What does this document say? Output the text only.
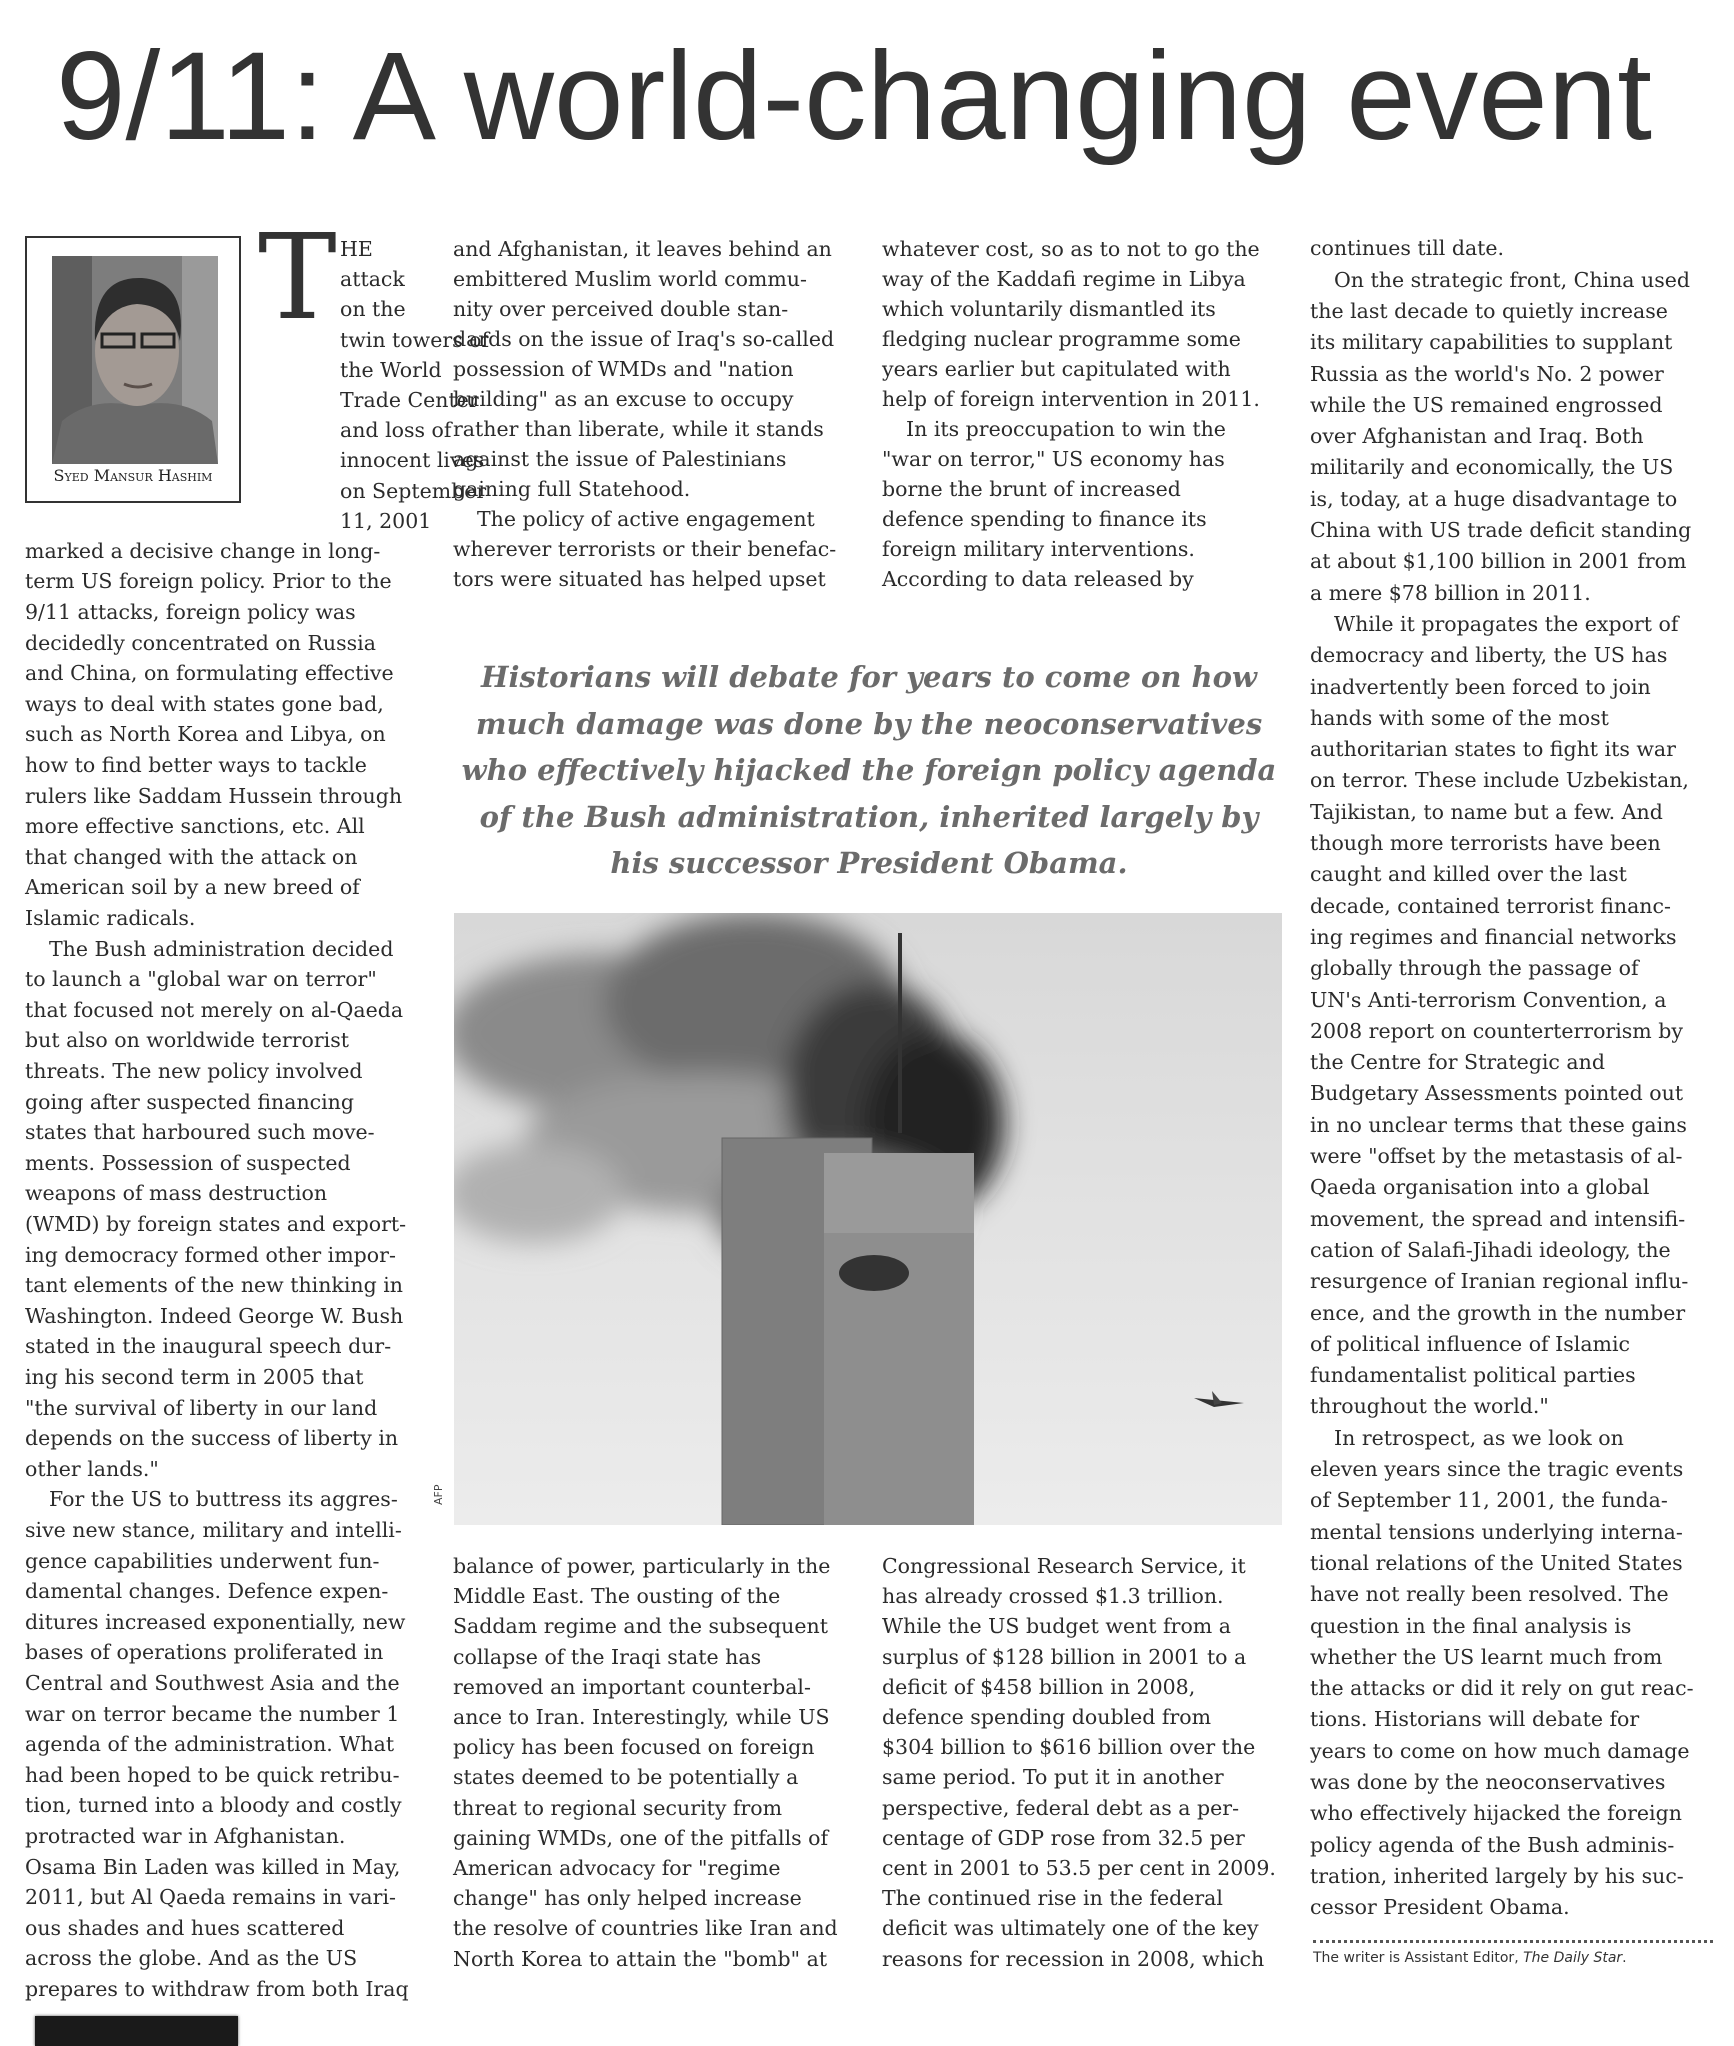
9/11: A world-changing event
Syed Mansur Hashim
T
Historians will debate for years to come on how
much damage was done by the neoconservatives
who effectively hijacked the foreign policy agenda
of the Bush administration, inherited largely by
his successor President Obama.
AFP
The writer is Assistant Editor, The Daily Star.
HE
attack
on the
twin towers of
the World
Trade Center
and loss of
innocent lives
on September
11, 2001
marked a decisive change in long-
term US foreign policy. Prior to the
9/11 attacks, foreign policy was
decidedly concentrated on Russia
and China, on formulating effective
ways to deal with states gone bad,
such as North Korea and Libya, on
how to find better ways to tackle
rulers like Saddam Hussein through
more effective sanctions, etc. All
that changed with the attack on
American soil by a new breed of
Islamic radicals.
The Bush administration decided
to launch a "global war on terror"
that focused not merely on al-Qaeda
but also on worldwide terrorist
threats. The new policy involved
going after suspected financing
states that harboured such move-
ments. Possession of suspected
weapons of mass destruction
(WMD) by foreign states and export-
ing democracy formed other impor-
tant elements of the new thinking in
Washington. Indeed George W. Bush
stated in the inaugural speech dur-
ing his second term in 2005 that
"the survival of liberty in our land
depends on the success of liberty in
other lands."
For the US to buttress its aggres-
sive new stance, military and intelli-
gence capabilities underwent fun-
damental changes. Defence expen-
ditures increased exponentially, new
bases of operations proliferated in
Central and Southwest Asia and the
war on terror became the number 1
agenda of the administration. What
had been hoped to be quick retribu-
tion, turned into a bloody and costly
protracted war in Afghanistan.
Osama Bin Laden was killed in May,
2011, but Al Qaeda remains in vari-
ous shades and hues scattered
across the globe. And as the US
prepares to withdraw from both Iraq
and Afghanistan, it leaves behind an
embittered Muslim world commu-
nity over perceived double stan-
dards on the issue of Iraq's so-called
possession of WMDs and "nation
building" as an excuse to occupy
rather than liberate, while it stands
against the issue of Palestinians
gaining full Statehood.
The policy of active engagement
wherever terrorists or their benefac-
tors were situated has helped upset
balance of power, particularly in the
Middle East. The ousting of the
Saddam regime and the subsequent
collapse of the Iraqi state has
removed an important counterbal-
ance to Iran. Interestingly, while US
policy has been focused on foreign
states deemed to be potentially a
threat to regional security from
gaining WMDs, one of the pitfalls of
American advocacy for "regime
change" has only helped increase
the resolve of countries like Iran and
North Korea to attain the "bomb" at
whatever cost, so as to not to go the
way of the Kaddafi regime in Libya
which voluntarily dismantled its
fledging nuclear programme some
years earlier but capitulated with
help of foreign intervention in 2011.
In its preoccupation to win the
"war on terror," US economy has
borne the brunt of increased
defence spending to finance its
foreign military interventions.
According to data released by
Congressional Research Service, it
has already crossed $1.3 trillion.
While the US budget went from a
surplus of $128 billion in 2001 to a
deficit of $458 billion in 2008,
defence spending doubled from
$304 billion to $616 billion over the
same period. To put it in another
perspective, federal debt as a per-
centage of GDP rose from 32.5 per
cent in 2001 to 53.5 per cent in 2009.
The continued rise in the federal
deficit was ultimately one of the key
reasons for recession in 2008, which
continues till date.
On the strategic front, China used
the last decade to quietly increase
its military capabilities to supplant
Russia as the world's No. 2 power
while the US remained engrossed
over Afghanistan and Iraq. Both
militarily and economically, the US
is, today, at a huge disadvantage to
China with US trade deficit standing
at about $1,100 billion in 2001 from
a mere $78 billion in 2011.
While it propagates the export of
democracy and liberty, the US has
inadvertently been forced to join
hands with some of the most
authoritarian states to fight its war
on terror. These include Uzbekistan,
Tajikistan, to name but a few. And
though more terrorists have been
caught and killed over the last
decade, contained terrorist financ-
ing regimes and financial networks
globally through the passage of
UN's Anti-terrorism Convention, a
2008 report on counterterrorism by
the Centre for Strategic and
Budgetary Assessments pointed out
in no unclear terms that these gains
were "offset by the metastasis of al-
Qaeda organisation into a global
movement, the spread and intensifi-
cation of Salafi-Jihadi ideology, the
resurgence of Iranian regional influ-
ence, and the growth in the number
of political influence of Islamic
fundamentalist political parties
throughout the world."
In retrospect, as we look on
eleven years since the tragic events
of September 11, 2001, the funda-
mental tensions underlying interna-
tional relations of the United States
have not really been resolved. The
question in the final analysis is
whether the US learnt much from
the attacks or did it rely on gut reac-
tions. Historians will debate for
years to come on how much damage
was done by the neoconservatives
who effectively hijacked the foreign
policy agenda of the Bush adminis-
tration, inherited largely by his suc-
cessor President Obama.
